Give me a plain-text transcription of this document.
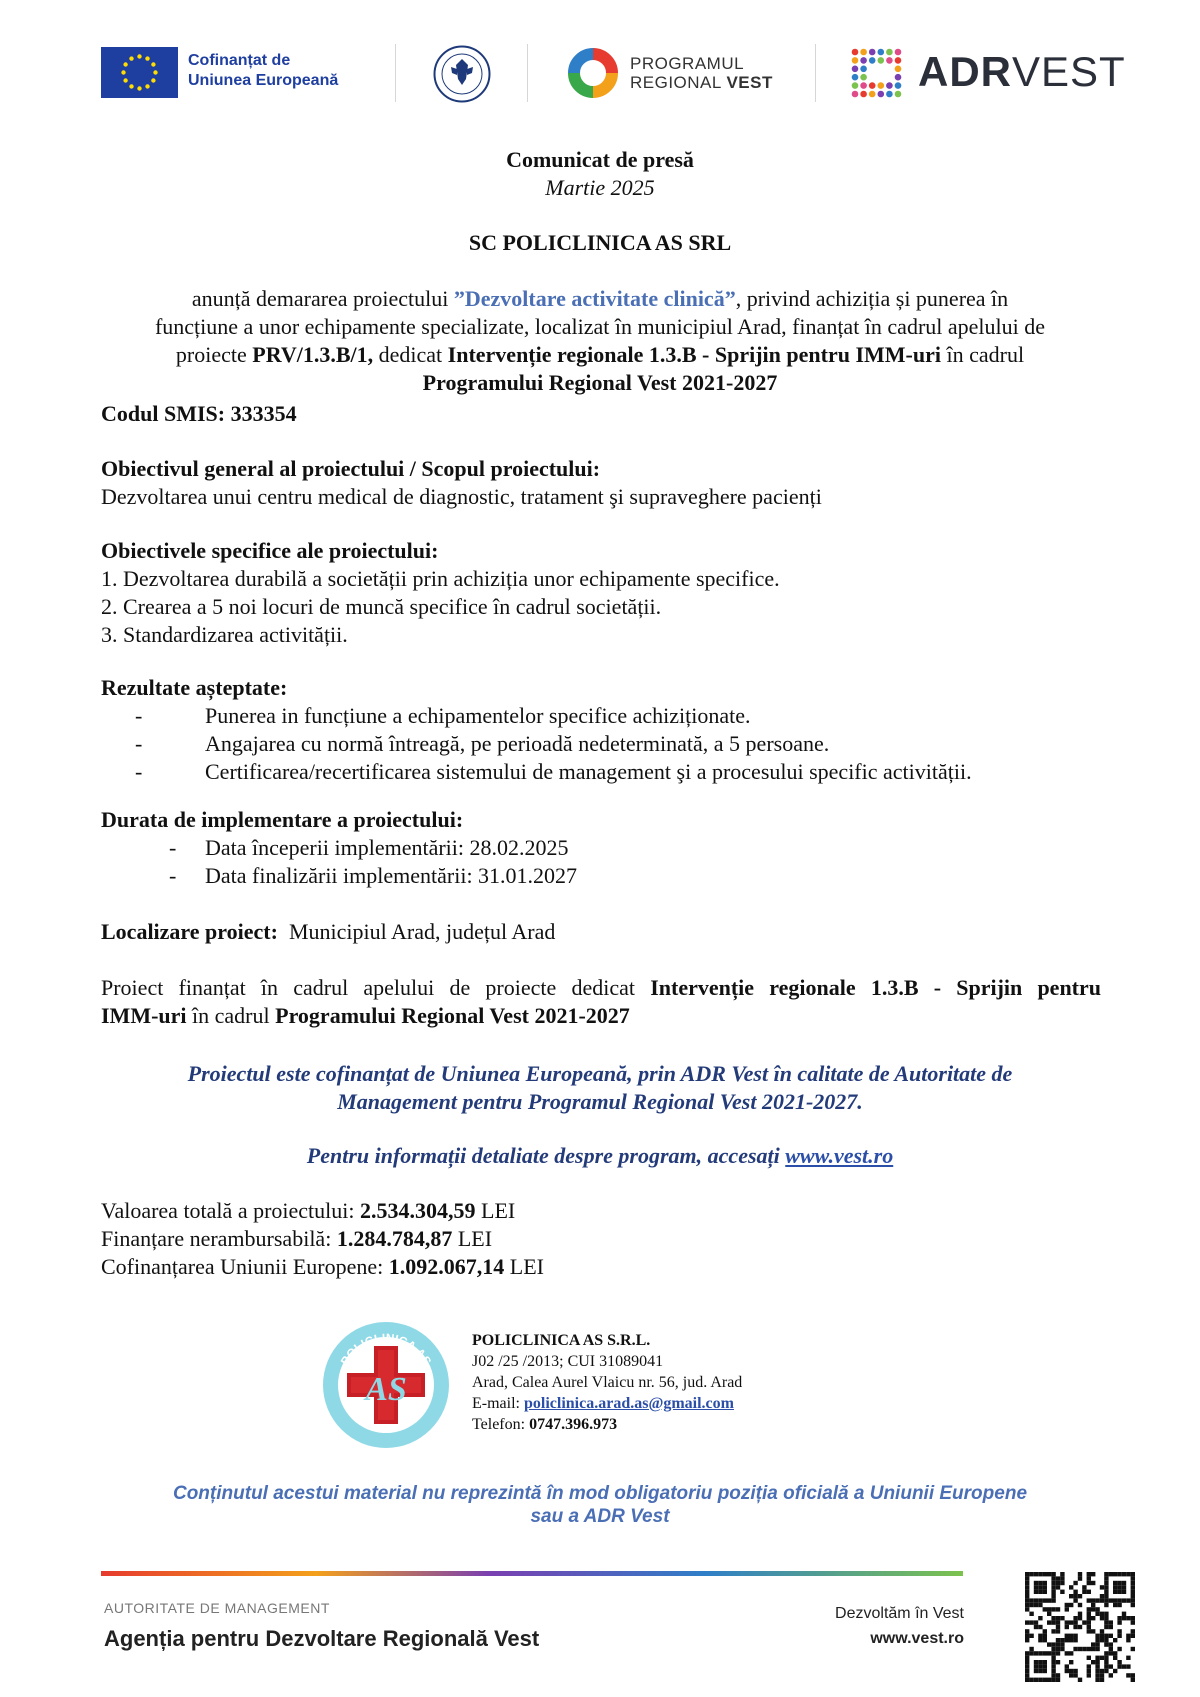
Cofinanțat de
Uniunea Europeană
PROGRAMUL
REGIONAL VEST	ADRVEST
Comunicat de presă
Martie 2025
SC POLICLINICA AS SRL
anunță demararea proiectului ”Dezvoltare activitate clinică”, privind achiziția și punerea în
funcțiune a unor echipamente specializate, localizat în municipiul Arad, finanțat în cadrul apelului de
proiecte PRV/1.3.B/1, dedicat Intervenție regionale 1.3.B - Sprijin pentru IMM-uri în cadrul
Programului Regional Vest 2021-2027
Codul SMIS: 333354
Obiectivul general al proiectului / Scopul proiectului:
Dezvoltarea unui centru medical de diagnostic, tratament şi supraveghere pacienți
Obiectivele specifice ale proiectului:
1. Dezvoltarea durabilă a societății prin achiziția unor echipamente specifice.
2. Crearea a 5 noi locuri de muncă specifice în cadrul societății.
3. Standardizarea activității.
Rezultate așteptate:
-	Punerea in funcțiune a echipamentelor specifice achiziționate.
-	Angajarea cu normă întreagă, pe perioadă nedeterminată, a 5 persoane.
-	Certificarea/recertificarea sistemului de management şi a procesului specific activității.
Durata de implementare a proiectului:
- Data începerii implementării: 28.02.2025
- Data finalizării implementării: 31.01.2027
Localizare proiect: Municipiul Arad, județul Arad
Proiect finanțat în cadrul apelului de proiecte dedicat Intervenție regionale 1.3.B - Sprijin pentru
IMM-uri în cadrul Programului Regional Vest 2021-2027
Proiectul este cofinanțat de Uniunea Europeană, prin ADR Vest în calitate de Autoritate de
Management pentru Programul Regional Vest 2021-2027.
Pentru informații detaliate despre program, accesați www.vest.ro
Valoarea totală a proiectului: 2.534.304,59 LEI
Finanțare nerambursabilă: 1.284.784,87 LEI
Cofinanțarea Uniunii Europene: 1.092.067,14 LEI
POLICLINICA AS
AS
POLICLINICA AS S.R.L.
J02 /25 /2013; CUI 31089041
Arad, Calea Aurel Vlaicu nr. 56, jud. Arad
E-mail: policlinica.arad.as@gmail.com
Telefon: 0747.396.973
Conținutul acestui material nu reprezintă în mod obligatoriu poziția oficială a Uniunii Europene
sau a ADR Vest
AUTORITATE DE MANAGEMENT
Agenția pentru Dezvoltare Regională Vest
Dezvoltăm în Vest
www.vest.ro
